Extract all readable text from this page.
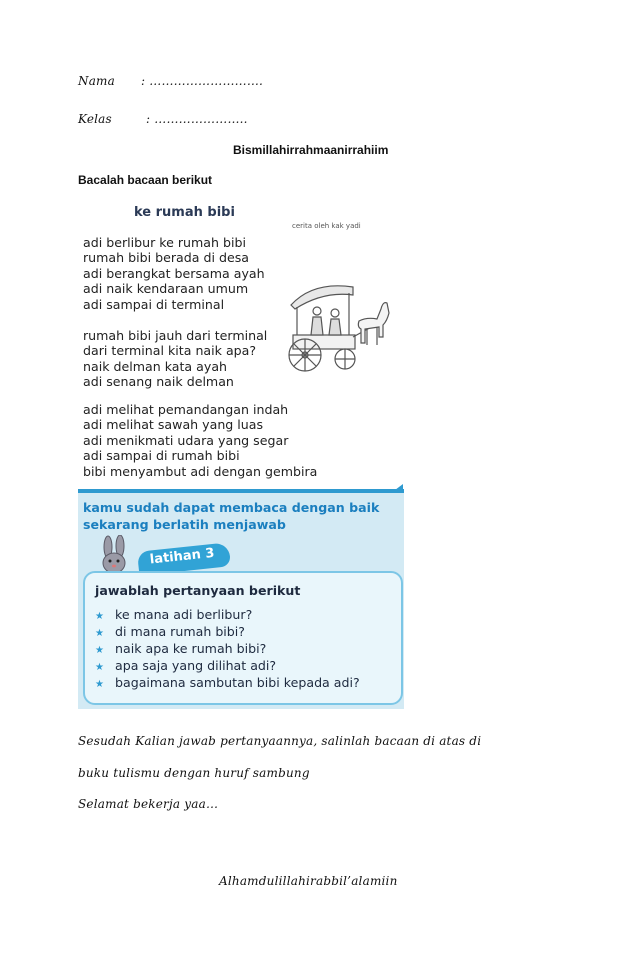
Nama : ……………………….
Kelas	: …………………..
Bismillahirrahmaanirrahiim
Bacalah bacaan berikut
ke rumah bibi
cerita oleh kak yadi
adi berlibur ke rumah bibi
rumah bibi berada di desa
adi berangkat bersama ayah
adi naik kendaraan umum
adi sampai di terminal
rumah bibi jauh dari terminal
dari terminal kita naik apa?
naik delman kata ayah
adi senang naik delman
adi melihat pemandangan indah
adi melihat sawah yang luas
adi menikmati udara yang segar
adi sampai di rumah bibi
bibi menyambut adi dengan gembira
kamu sudah dapat membaca dengan baik
sekarang berlatih menjawab
latihan 3
jawablah pertanyaan berikut
★ ke mana adi berlibur?
★ di mana rumah bibi?
★ naik apa ke rumah bibi?
★ apa saja yang dilihat adi?
★ bagaimana sambutan bibi kepada adi?
Sesudah Kalian jawab pertanyaannya, salinlah bacaan di atas di
buku tulismu dengan huruf sambung
Selamat bekerja yaa…
Alhamdulillahirabbil’alamiin
